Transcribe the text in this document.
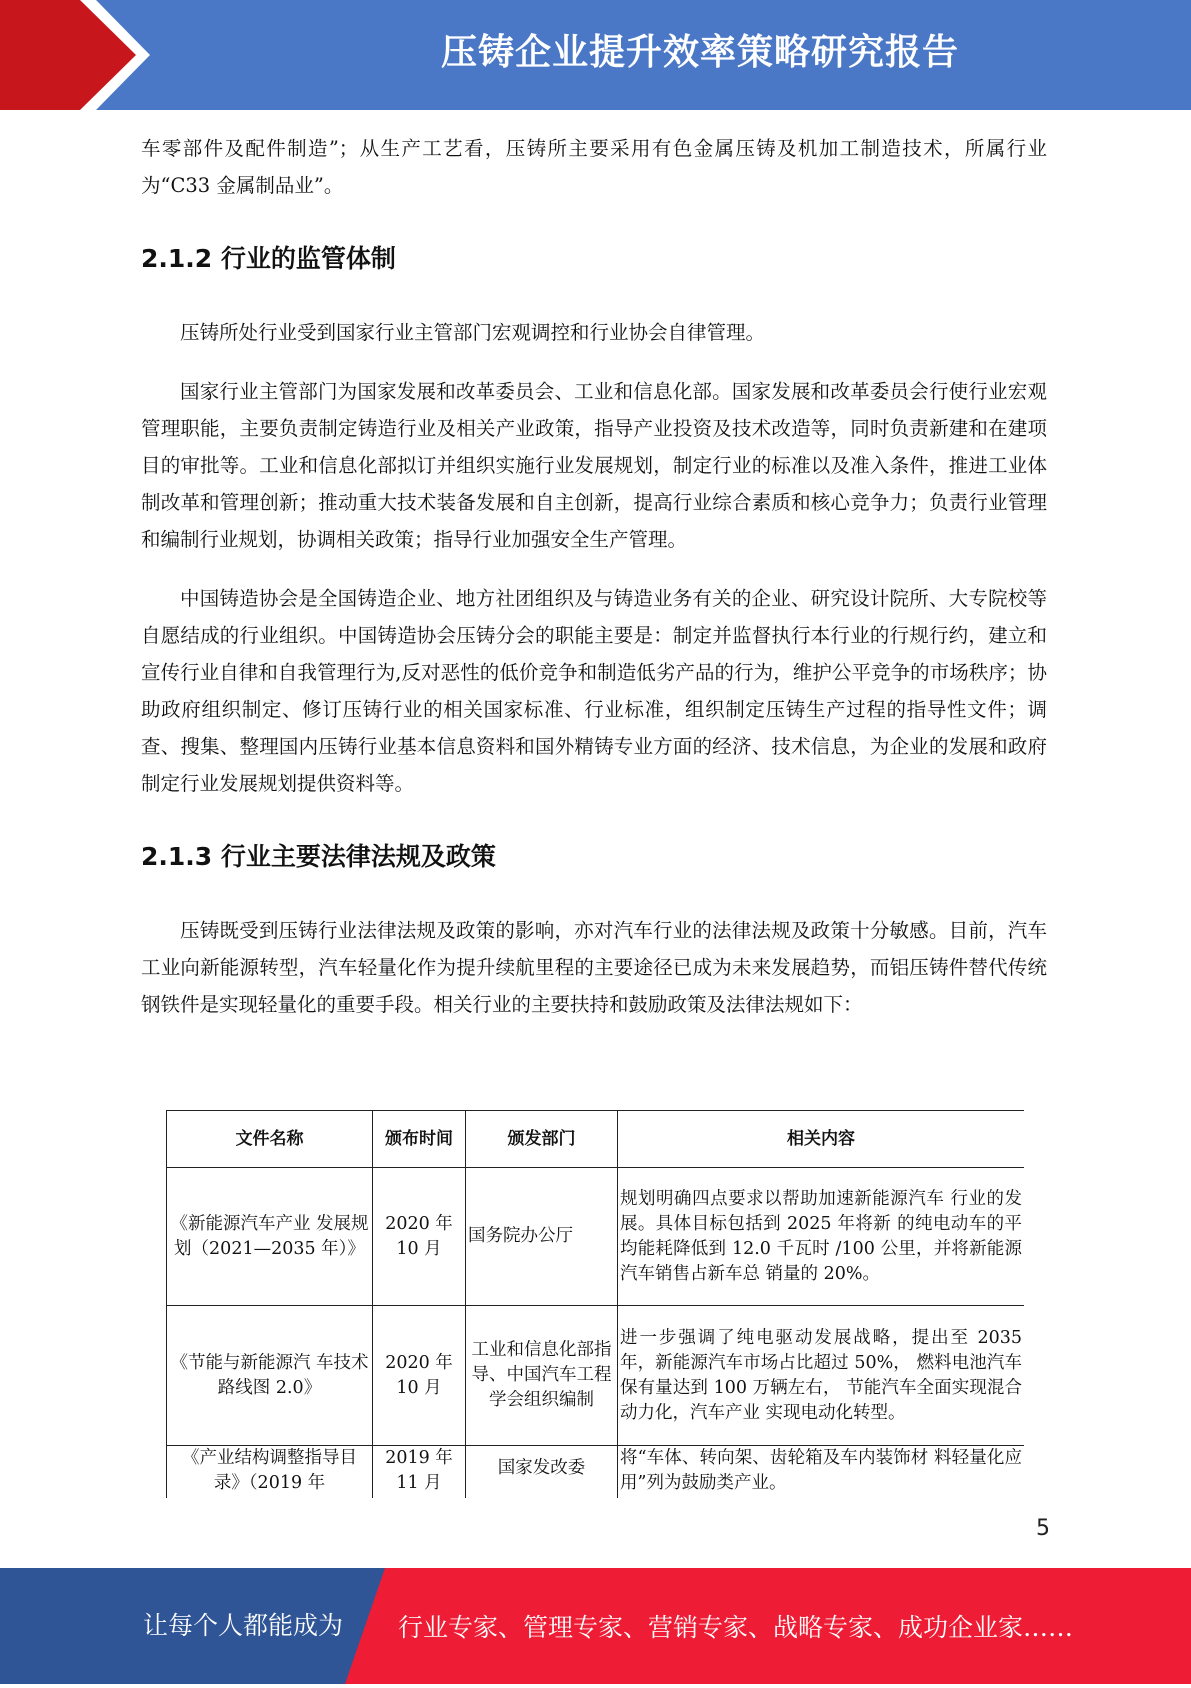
压铸企业提升效率策略研究报告

车零部件及配件制造”；从生产工艺看，压铸所主要采用有色金属压铸及机加工制造技术，所属行业为“C33 金属制品业”。

2.1.2 行业的监管体制

压铸所处行业受到国家行业主管部门宏观调控和行业协会自律管理。

国家行业主管部门为国家发展和改革委员会、工业和信息化部。国家发展和改革委员会行使行业宏观管理职能，主要负责制定铸造行业及相关产业政策，指导产业投资及技术改造等，同时负责新建和在建项目的审批等。工业和信息化部拟订并组织实施行业发展规划，制定行业的标准以及准入条件，推进工业体制改革和管理创新；推动重大技术装备发展和自主创新，提高行业综合素质和核心竞争力；负责行业管理和编制行业规划，协调相关政策；指导行业加强安全生产管理。

中国铸造协会是全国铸造企业、地方社团组织及与铸造业务有关的企业、研究设计院所、大专院校等自愿结成的行业组织。中国铸造协会压铸分会的职能主要是：制定并监督执行本行业的行规行约，建立和宣传行业自律和自我管理行为,反对恶性的低价竞争和制造低劣产品的行为，维护公平竞争的市场秩序；协助政府组织制定、修订压铸行业的相关国家标准、行业标准，组织制定压铸生产过程的指导性文件；调查、搜集、整理国内压铸行业基本信息资料和国外精铸专业方面的经济、技术信息，为企业的发展和政府制定行业发展规划提供资料等。

2.1.3 行业主要法律法规及政策

压铸既受到压铸行业法律法规及政策的影响，亦对汽车行业的法律法规及政策十分敏感。目前，汽车工业向新能源转型，汽车轻量化作为提升续航里程的主要途径已成为未来发展趋势，而铝压铸件替代传统钢铁件是实现轻量化的重要手段。相关行业的主要扶持和鼓励政策及法律法规如下：

文件名称	颁布时间	颁发部门	相关内容
《新能源汽车产业 发展规划（2021—2035 年）》	2020 年 10 月	国务院办公厅	规划明确四点要求以帮助加速新能源汽车 行业的发展。具体目标包括到 2025 年将新 的纯电动车的平均能耗降低到 12.0 千瓦时 /100 公里，并将新能源汽车销售占新车总 销量的 20%。
《节能与新能源汽 车技术路线图 2.0》	2020 年 10 月	工业和信息化部指导、中国汽车工程学会组织编制	进一步强调了纯电驱动发展战略，提出至 2035 年，新能源汽车市场占比超过 50%， 燃料电池汽车保有量达到 100 万辆左右， 节能汽车全面实现混合动力化，汽车产业 实现电动化转型。
《产业结构调整指导目录》（2019 年	2019 年 11 月	国家发改委	将“车体、转向架、齿轮箱及车内装饰材 料轻量化应用”列为鼓励类产业。
5
让每个人都能成为 行业专家、管理专家、营销专家、战略专家、成功企业家……
